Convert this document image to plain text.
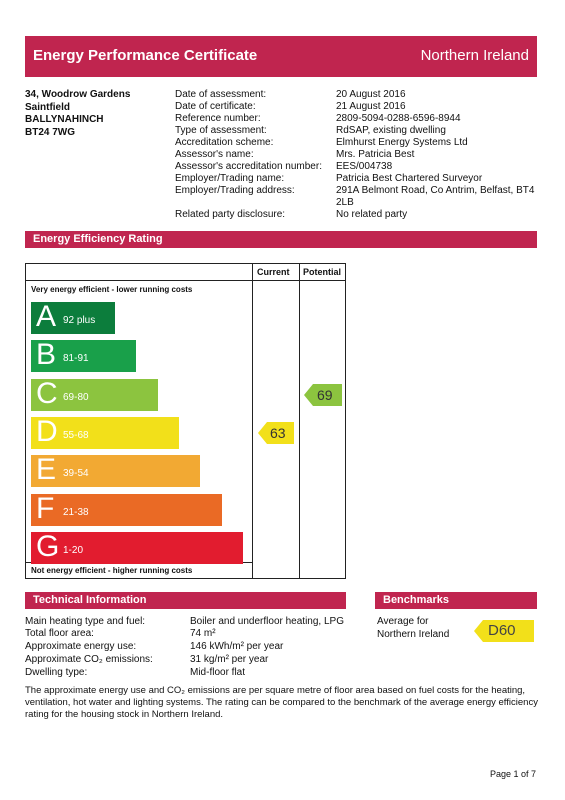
Energy Performance Certificate	Northern Ireland
34, Woodrow Gardens
Saintfield
BALLYNAHINCH
BT24 7WG
Date of assessment:	20 August 2016
Date of certificate:	21 August 2016
Reference number:	2809-5094-0288-6596-8944
Type of assessment:	RdSAP, existing dwelling
Accreditation scheme:	Elmhurst Energy Systems Ltd
Assessor's name:	Mrs. Patricia Best
Assessor's accreditation number: EES/004738
Employer/Trading name:	Patricia Best Chartered Surveyor
Employer/Trading address:	291A Belmont Road, Co Antrim, Belfast, BT4 2LB
Related party disclosure:	No related party
Energy Efficiency Rating
Current Potential
Very energy efficient - lower running costs
Not energy efficient - higher running costs
A 92 plus
B 81-91
C 69-80
D 55-68
E 39-54
F 21-38
G 1-20
63
69
Technical Information
Main heating type and fuel:	Boiler and underfloor heating, LPG
Total floor area:	74 m²
Approximate energy use:	146 kWh/m² per year
Approximate CO₂ emissions:	31 kg/m² per year
Dwelling type:	Mid-floor flat
Benchmarks
Average for Northern Ireland	D60
The approximate energy use and CO₂ emissions are per square metre of floor area based on fuel costs for the heating, ventilation, hot water and lighting systems. The rating can be compared to the benchmark of the average energy efficiency rating for the housing stock in Northern Ireland.
Page 1 of 7
